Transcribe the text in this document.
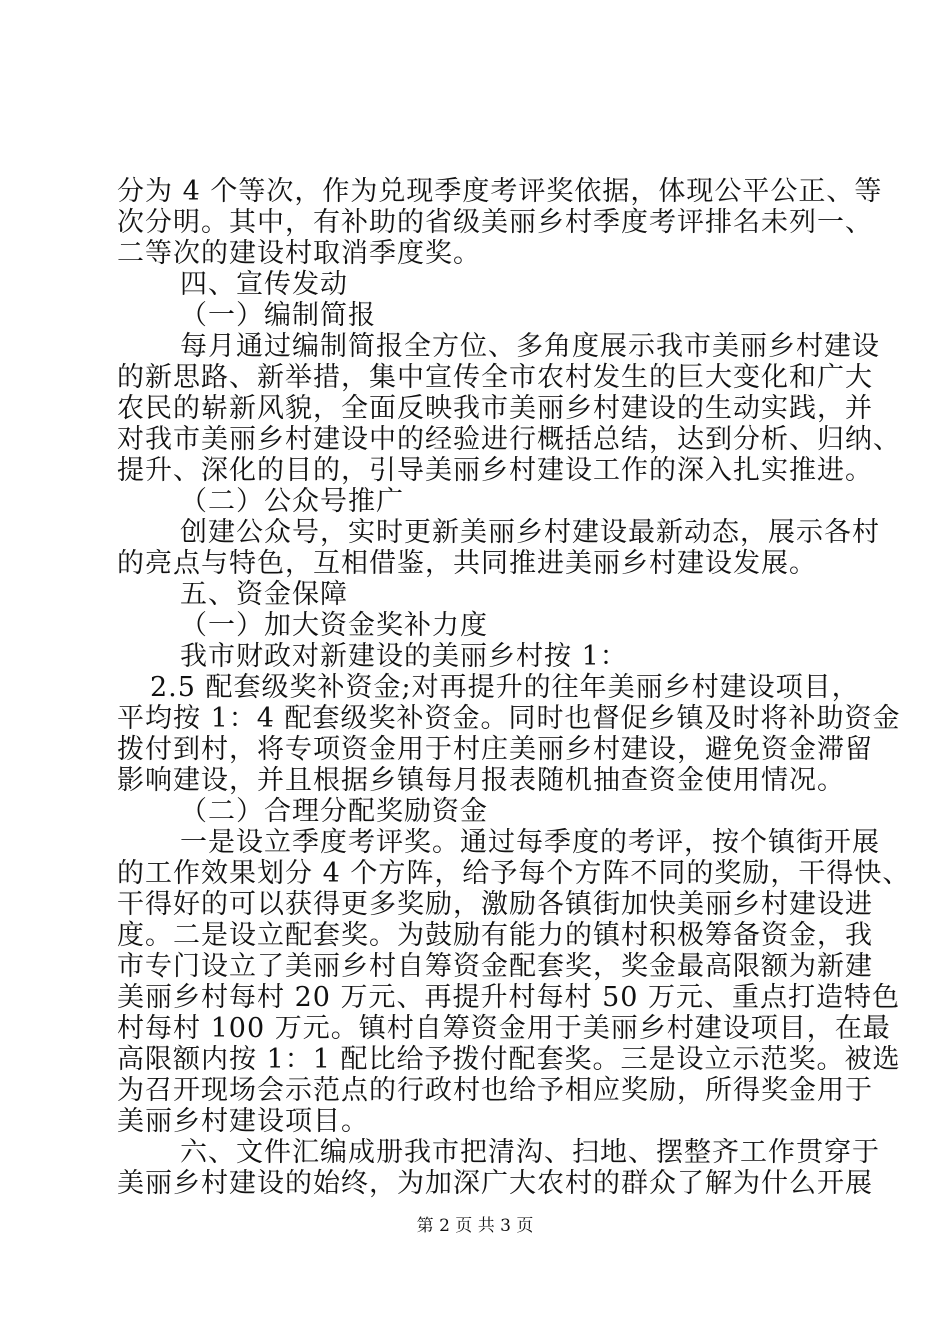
分为 4 个等次，作为兑现季度考评奖依据，体现公平公正、等
次分明。其中，有补助的省级美丽乡村季度考评排名未列一、
二等次的建设村取消季度奖。
四、宣传发动
（一）编制简报
每月通过编制简报全方位、多角度展示我市美丽乡村建设
的新思路、新举措，集中宣传全市农村发生的巨大变化和广大
农民的崭新风貌，全面反映我市美丽乡村建设的生动实践，并
对我市美丽乡村建设中的经验进行概括总结，达到分析、归纳、
提升、深化的目的，引导美丽乡村建设工作的深入扎实推进。
（二）公众号推广
创建公众号，实时更新美丽乡村建设最新动态，展示各村
的亮点与特色，互相借鉴，共同推进美丽乡村建设发展。
五、资金保障
（一）加大资金奖补力度
我市财政对新建设的美丽乡村按 1：
2.5 配套级奖补资金;对再提升的往年美丽乡村建设项目，
平均按 1：4 配套级奖补资金。同时也督促乡镇及时将补助资金
拨付到村，将专项资金用于村庄美丽乡村建设，避免资金滞留
影响建设，并且根据乡镇每月报表随机抽查资金使用情况。
（二）合理分配奖励资金
一是设立季度考评奖。通过每季度的考评，按个镇街开展
的工作效果划分 4 个方阵，给予每个方阵不同的奖励，干得快、
干得好的可以获得更多奖励，激励各镇街加快美丽乡村建设进
度。二是设立配套奖。为鼓励有能力的镇村积极筹备资金，我
市专门设立了美丽乡村自筹资金配套奖，奖金最高限额为新建
美丽乡村每村 20 万元、再提升村每村 50 万元、重点打造特色
村每村 100 万元。镇村自筹资金用于美丽乡村建设项目，在最
高限额内按 1：1 配比给予拨付配套奖。三是设立示范奖。被选
为召开现场会示范点的行政村也给予相应奖励，所得奖金用于
美丽乡村建设项目。
六、文件汇编成册我市把清沟、扫地、摆整齐工作贯穿于
美丽乡村建设的始终，为加深广大农村的群众了解为什么开展
第 2 页 共 3 页
